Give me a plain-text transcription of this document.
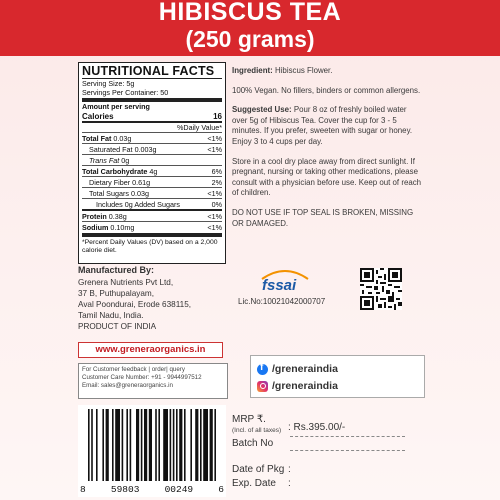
HIBISCUS TEA
(250 grams)
NUTRITIONAL FACTS
Serving Size: 5g
Servings Per Container: 50
Amount per serving
Calories	16
%Daily Value*
Total Fat 0.03g	<1%
Saturated Fat 0.003g	<1%
Trans Fat 0g
Total Carbohydrate 4g	6%
Dietary Fiber 0.61g	2%
Total Sugars 0.03g	<1%
Includes 0g Added Sugars	0%
Protein 0.38g	<1%
Sodium 0.10mg	<1%
*Percent Daily Values (DV) based on a 2,000 calorie diet.

Ingredient: Hibiscus Flower.

100% Vegan. No fillers, binders or common allergens.

Suggested Use: Pour 8 oz of freshly boiled water over 5g of Hibiscus Tea. Cover the cup for 3 - 5 minutes. If you prefer, sweeten with sugar or honey. Enjoy 3 to 4 cups per day.

Store in a cool dry place away from direct sunlight. If pregnant, nursing or taking other medications, please consult with a physician before use. Keep out of reach of children.

DO NOT USE IF TOP SEAL IS BROKEN, MISSING OR DAMAGED.

Manufactured By:
Grenera Nutrients Pvt Ltd,
37 B, Puthupalayam,
Aval Poondurai, Erode 638115,
Tamil Nadu, India.
PRODUCT OF INDIA
www.greneraorganics.in
For Customer feedback | order| query
Customer Care Number: +91 - 9944997512
Email: sales@greneraorganics.in
fssai
Lic.No:10021042000707
f
/greneraindia
/greneraindia
8	59803	00249	6
MRP ₹.
(Incl. of all taxes) : Rs.395.00/-
Batch No
Date of Pkg :
Exp. Date :
